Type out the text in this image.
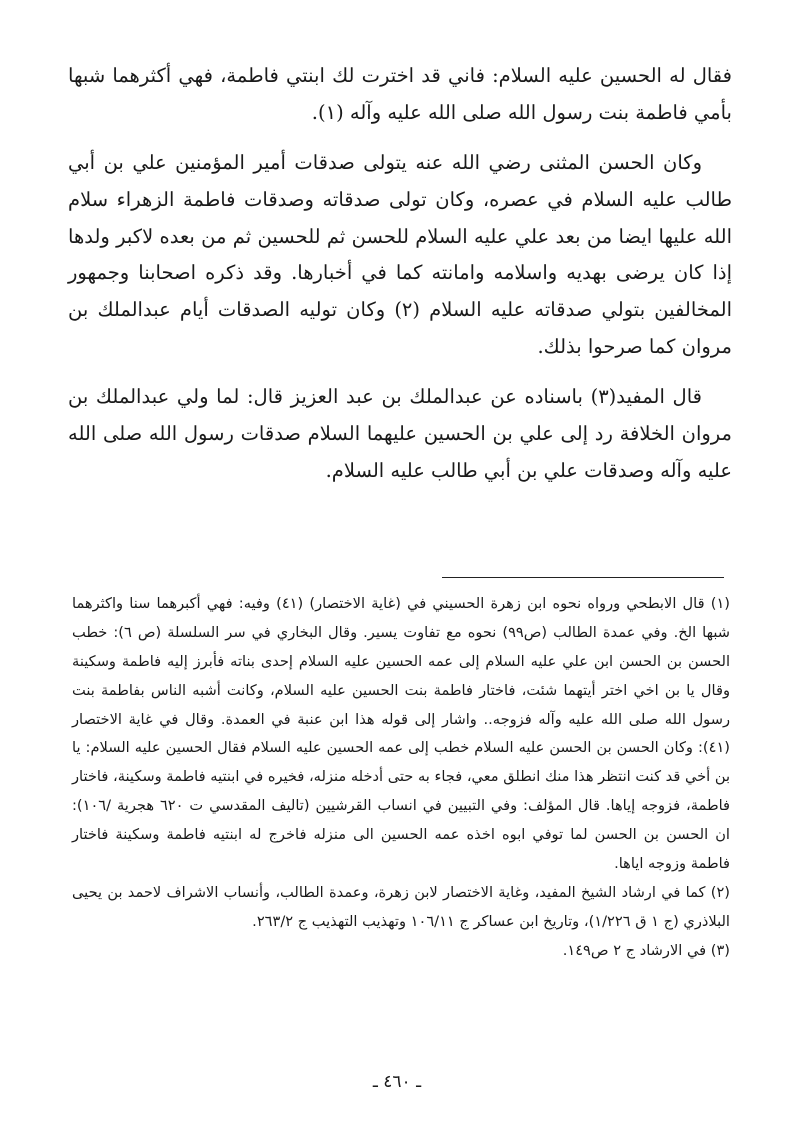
فقال له الحسين عليه السلام: فاني قد اخترت لك ابنتي فاطمة، فهي أكثرهما شبها بأمي فاطمة بنت رسول الله صلى الله عليه وآله (١).

وكان الحسن المثنى رضي الله عنه يتولى صدقات أمير المؤمنين علي بن أبي طالب عليه السلام في عصره، وكان تولى صدقاته وصدقات فاطمة الزهراء سلام الله عليها ايضا من بعد علي عليه السلام للحسن ثم للحسين ثم من بعده لاكبر ولدها إذا كان يرضى بهديه واسلامه وامانته كما في أخبارها. وقد ذكره اصحابنا وجمهور المخالفين بتولي صدقاته عليه السلام (٢) وكان توليه الصدقات أيام عبدالملك بن مروان كما صرحوا بذلك.

قال المفيد(٣) باسناده عن عبدالملك بن عبد العزيز قال: لما ولي عبدالملك بن مروان الخلافة رد إلى علي بن الحسين عليهما السلام صدقات رسول الله صلى الله عليه وآله وصدقات علي بن أبي طالب عليه السلام.

(١) قال الابطحي ورواه نحوه ابن زهرة الحسيني في (غاية الاختصار) (٤١) وفيه: فهي أكبرهما سنا واكثرهما شبها الخ. وفي عمدة الطالب (ص٩٩) نحوه مع تفاوت يسير. وقال البخاري في سر السلسلة (ص ٦): خطب الحسن بن الحسن ابن علي عليه السلام إلى عمه الحسين عليه السلام إحدى بناته فأبرز إليه فاطمة وسكينة وقال يا بن اخي اختر أيتهما شئت، فاختار فاطمة بنت الحسين عليه السلام، وكانت أشبه الناس بفاطمة بنت رسول الله صلى الله عليه وآله فزوجه.. واشار إلى قوله هذا ابن عنبة في العمدة. وقال في غاية الاختصار (٤١): وكان الحسن بن الحسن عليه السلام خطب إلى عمه الحسين عليه السلام فقال الحسين عليه السلام: يا بن أخي قد كنت انتظر هذا منك انطلق معي، فجاء به حتى أدخله منزله، فخيره في ابنتيه فاطمة وسكينة، فاختار فاطمة، فزوجه إياها. قال المؤلف: وفي التبيين في انساب القرشيين (تاليف المقدسي ت ٦٢٠ هجرية /١٠٦): ان الحسن بن الحسن لما توفي ابوه اخذه عمه الحسين الى منزله فاخرج له ابنتيه فاطمة وسكينة فاختار فاطمة وزوجه اياها.

(٢) كما في ارشاد الشيخ المفيد، وغاية الاختصار لابن زهرة، وعمدة الطالب، وأنساب الاشراف لاحمد بن يحيى البلاذري (ج ١ ق ١/٢٢٦)، وتاريخ ابن عساكر ج ١٠٦/١١ وتهذيب التهذيب ج ٢٦٣/٢.

(٣) في الارشاد ج ٢ ص١٤٩.

ـ ٤٦٠ ـ
